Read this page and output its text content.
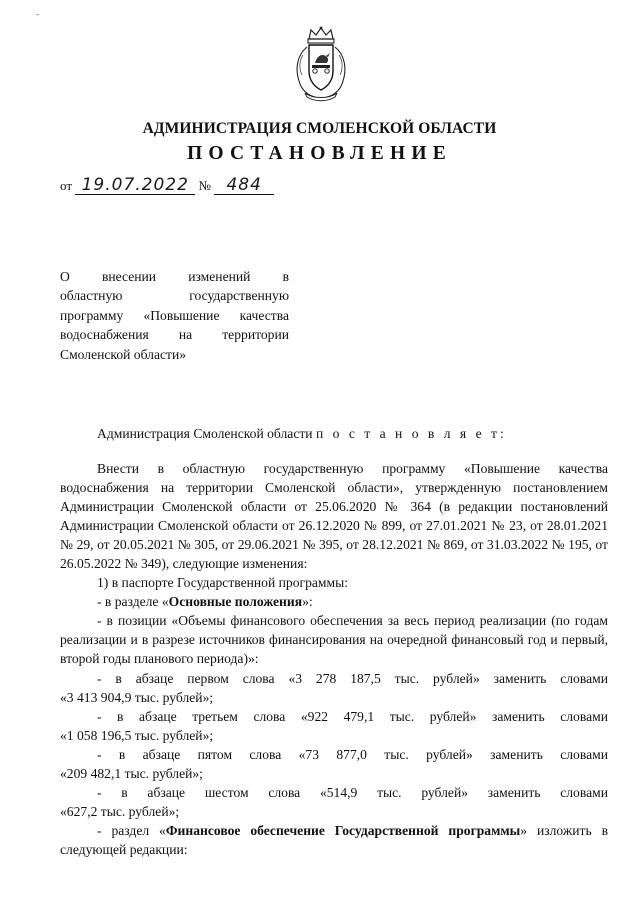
-
АДМИНИСТРАЦИЯ СМОЛЕНСКОЙ ОБЛАСТИ
ПОСТАНОВЛЕНИЕ
от 19.07.2022 № 484

О внесении изменений в

областную государственную

программу «Повышение качества

водоснабжения на территории

Смоленской области»

Администрация Смоленской области п о с т а н о в л я е т:

Внести в областную государственную программу «Повышение качества водоснабжения на территории Смоленской области», утвержденную постановлением Администрации Смоленской области от 25.06.2020 № 364 (в редакции постановлений Администрации Смоленской области от 26.12.2020 № 899, от 27.01.2021 № 23, от 28.01.2021 № 29, от 20.05.2021 № 305, от 29.06.2021 № 395, от 28.12.2021 № 869, от 31.03.2022 № 195, от 26.05.2022 № 349), следующие изменения:

1) в паспорте Государственной программы:

- в разделе «Основные положения»:

- в позиции «Объемы финансового обеспечения за весь период реализации (по годам реализации и в разрезе источников финансирования на очередной финансовый год и первый, второй годы планового периода)»:

- в абзаце первом слова «3 278 187,5 тыс. рублей» заменить словами

«3 413 904,9 тыс. рублей»;

- в абзаце третьем слова «922 479,1 тыс. рублей» заменить словами

«1 058 196,5 тыс. рублей»;

- в абзаце пятом слова «73 877,0 тыс. рублей» заменить словами

«209 482,1 тыс. рублей»;

- в абзаце шестом слова «514,9 тыс. рублей» заменить словами

«627,2 тыс. рублей»;

- раздел «Финансовое обеспечение Государственной программы» изложить в следующей редакции:
